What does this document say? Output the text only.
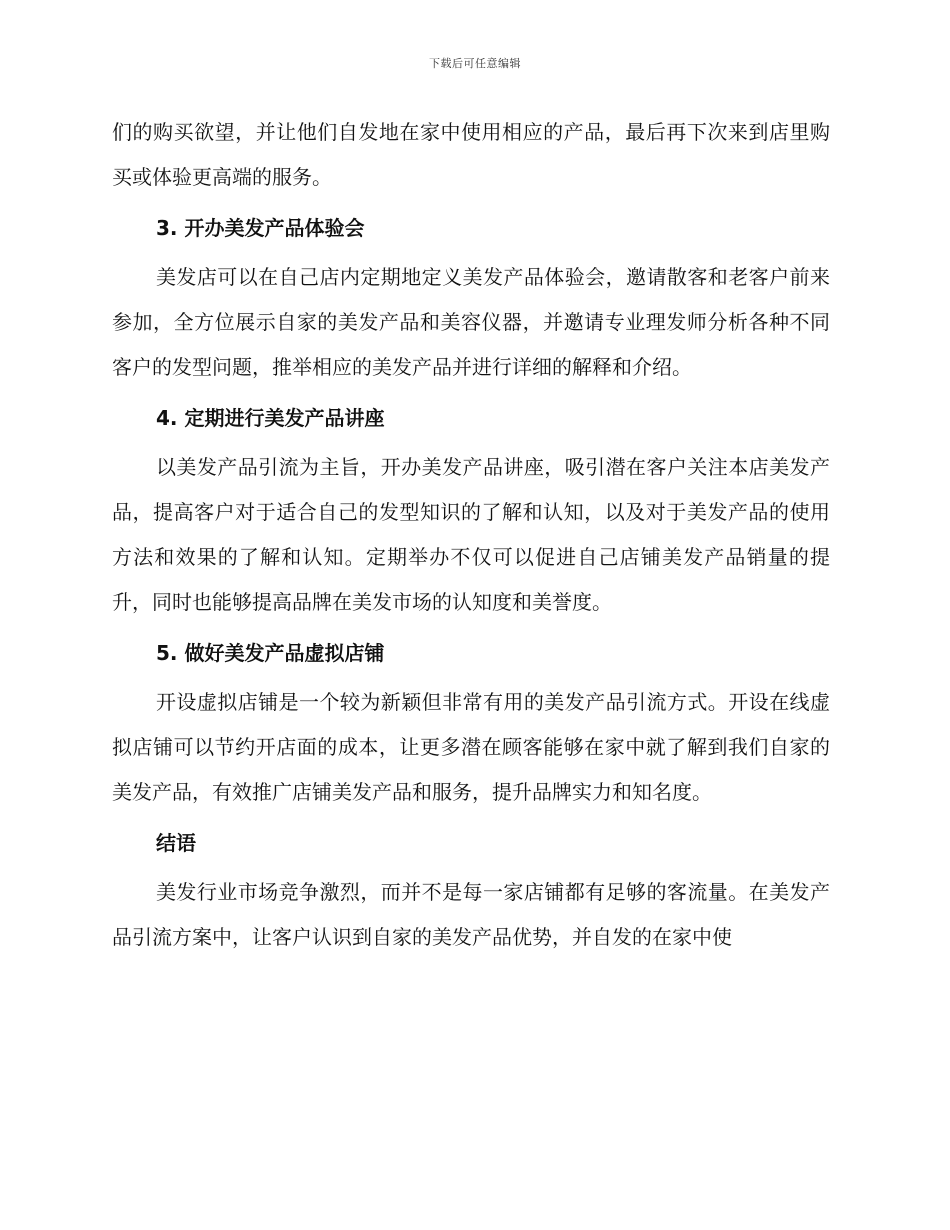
下载后可任意编辑

们的购买欲望，并让他们自发地在家中使用相应的产品，最后再下次来到店里购买或体验更高端的服务。

3. 开办美发产品体验会

美发店可以在自己店内定期地定义美发产品体验会，邀请散客和老客户前来参加，全方位展示自家的美发产品和美容仪器，并邀请专业理发师分析各种不同客户的发型问题，推举相应的美发产品并进行详细的解释和介绍。

4. 定期进行美发产品讲座

以美发产品引流为主旨，开办美发产品讲座，吸引潜在客户关注本店美发产品，提高客户对于适合自己的发型知识的了解和认知，以及对于美发产品的使用方法和效果的了解和认知。定期举办不仅可以促进自己店铺美发产品销量的提升，同时也能够提高品牌在美发市场的认知度和美誉度。

5. 做好美发产品虚拟店铺

开设虚拟店铺是一个较为新颖但非常有用的美发产品引流方式。开设在线虚拟店铺可以节约开店面的成本，让更多潜在顾客能够在家中就了解到我们自家的美发产品，有效推广店铺美发产品和服务，提升品牌实力和知名度。

结语

美发行业市场竞争激烈，而并不是每一家店铺都有足够的客流量。在美发产品引流方案中，让客户认识到自家的美发产品优势，并自发的在家中使
